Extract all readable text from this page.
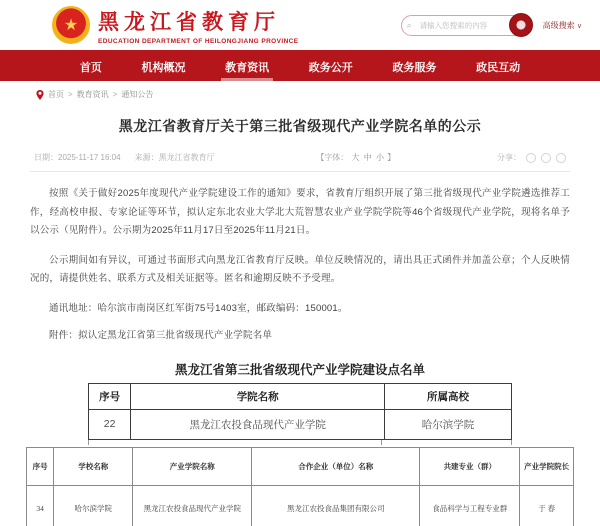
★ 黑龙江省教育厅
EDUCATION DEPARTMENT OF HEILONGJIANG PROVINCE
⌕
请输入您搜索的内容	❋	高级搜索 ∨
首页	机构概况	教育资讯	政务公开	政务服务	政民互动
首页 > 教育资讯 > 通知公告
黑龙江省教育厅关于第三批省级现代产业学院名单的公示
日期：2025-11-17 16:04 来源：黑龙江省教育厅	【字体： 大 中 小 】	分享：

按照《关于做好2025年度现代产业学院建设工作的通知》要求，省教育厅组织开展了第三批省级现代产业学院遴选推荐工作，经高校申报、专家论证等环节，拟认定东北农业大学北大荒智慧农业产业学院学院等46个省级现代产业学院，现将名单予以公示（见附件）。公示期为2025年11月17日至2025年11月21日。

公示期间如有异议，可通过书面形式向黑龙江省教育厅反映。单位反映情况的，请出具正式函件并加盖公章；个人反映情况的，请提供姓名、联系方式及相关证据等。匿名和逾期反映不予受理。

通讯地址：哈尔滨市南岗区红军街75号1403室，邮政编码：150001。

附件：拟认定黑龙江省第三批省级现代产业学院名单

黑龙江省第三批省级现代产业学院建设点名单
序号	学院名称	所属高校
22	黑龙江农投食品现代产业学院	哈尔滨学院
序号	学校名称	产业学院名称	合作企业（单位）名称	共建专业（群）	产业学院院长
34	哈尔滨学院	黑龙江农投食品现代产业学院	黑龙江农投食品集团有限公司	食品科学与工程专业群	于 春
